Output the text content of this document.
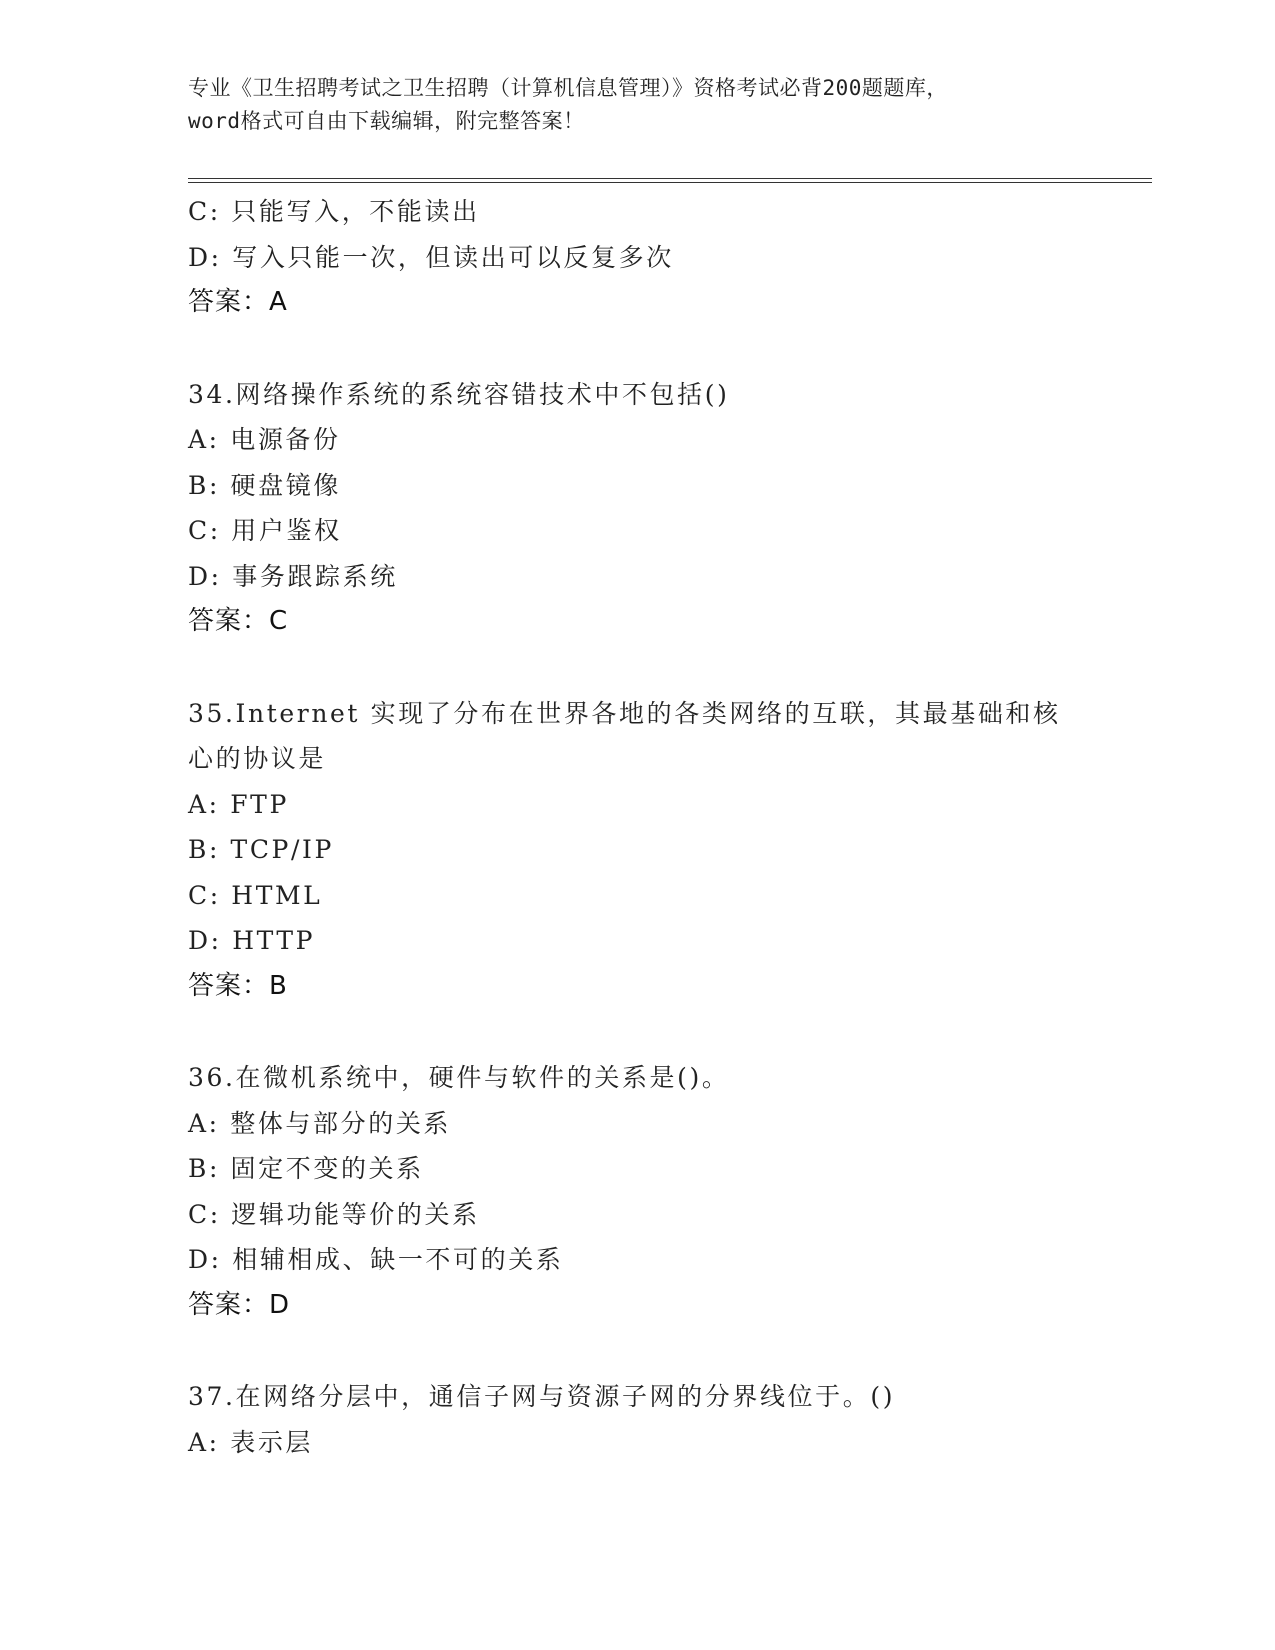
专业《卫生招聘考试之卫生招聘（计算机信息管理）》资格考试必背200题题库，
word格式可自由下载编辑，附完整答案！
C: 只能写入，不能读出
D: 写入只能一次，但读出可以反复多次
答案：A
34.网络操作系统的系统容错技术中不包括()
A: 电源备份
B: 硬盘镜像
C: 用户鉴权
D: 事务跟踪系统
答案：C
35.Internet 实现了分布在世界各地的各类网络的互联，其最基础和核
心的协议是
A: FTP
B: TCP/IP
C: HTML
D: HTTP
答案：B
36.在微机系统中，硬件与软件的关系是()。
A: 整体与部分的关系
B: 固定不变的关系
C: 逻辑功能等价的关系
D: 相辅相成、缺一不可的关系
答案：D
37.在网络分层中，通信子网与资源子网的分界线位于。()
A: 表示层
